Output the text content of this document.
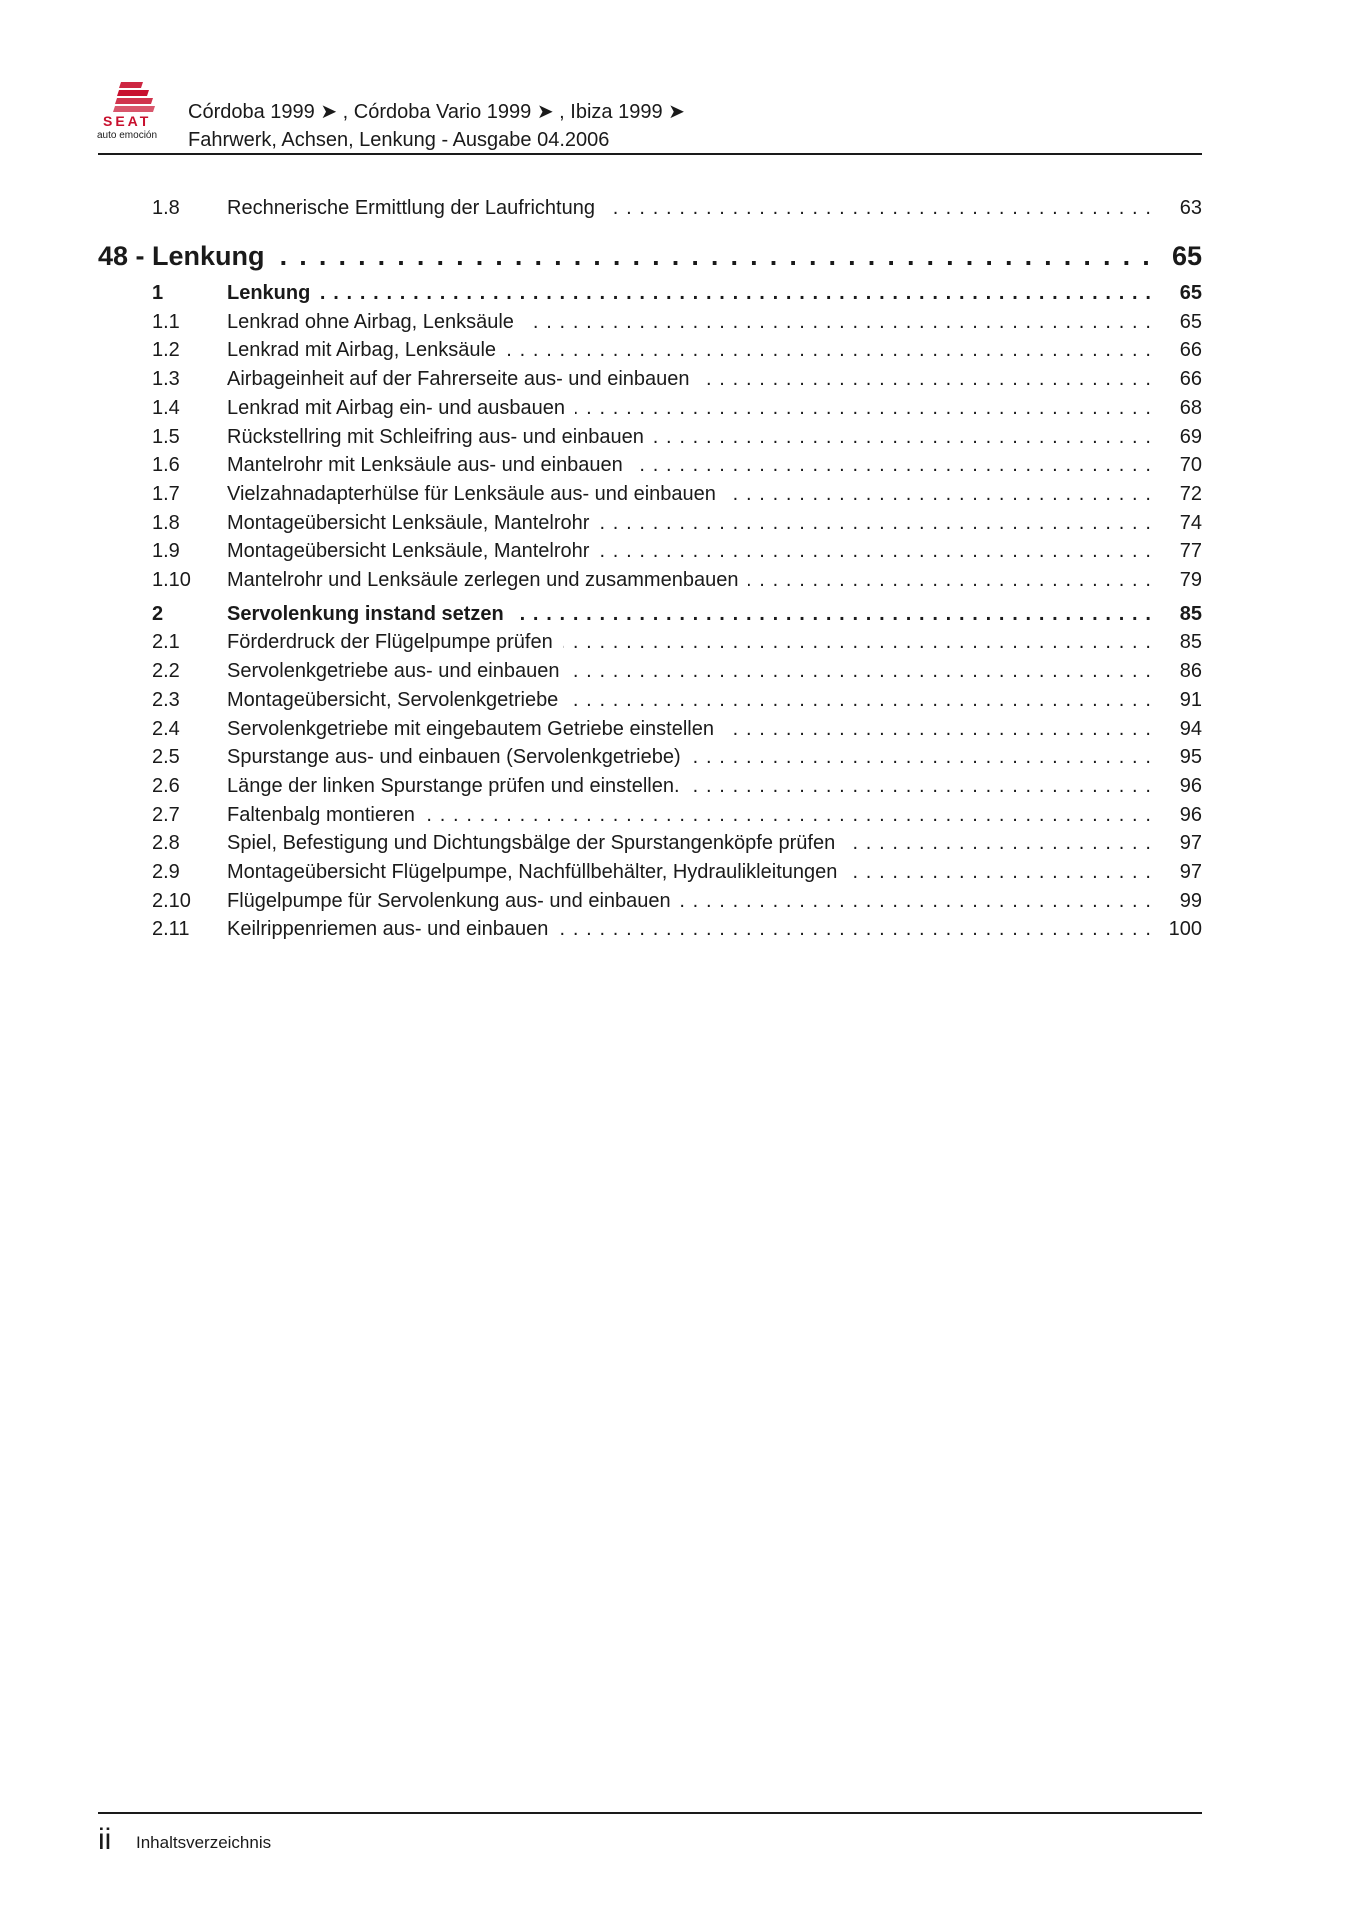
SEAT
auto emoción
Córdoba 1999 ➤ , Córdoba Vario 1999 ➤ , Ibiza 1999 ➤
Fahrwerk, Achsen, Lenkung - Ausgabe 04.2006
1.8 Rechnerische Ermittlung der Laufrichtung . . .	63
48 - Lenkung . . .	65
1	Lenkung . . .	65
1.1 Lenkrad ohne Airbag, Lenksäule . . .	65
1.2 Lenkrad mit Airbag, Lenksäule . . .	66
1.3 Airbageinheit auf der Fahrerseite aus- und einbauen . . .	66
1.4 Lenkrad mit Airbag ein- und ausbauen . . .	68
1.5 Rückstellring mit Schleifring aus- und einbauen . . .	69
1.6 Mantelrohr mit Lenksäule aus- und einbauen . . .	70
1.7 Vielzahnadapterhülse für Lenksäule aus- und einbauen . . .	72
1.8 Montageübersicht Lenksäule, Mantelrohr . . .	74
1.9 Montageübersicht Lenksäule, Mantelrohr . . .	77
1.10 Mantelrohr und Lenksäule zerlegen und zusammenbauen . . .	79
2	Servolenkung instand setzen . . .	85
2.1 Förderdruck der Flügelpumpe prüfen . . .	85
2.2 Servolenkgetriebe aus- und einbauen . . .	86
2.3 Montageübersicht, Servolenkgetriebe . . .	91
2.4 Servolenkgetriebe mit eingebautem Getriebe einstellen . . .	94
2.5 Spurstange aus- und einbauen (Servolenkgetriebe) . . .	95
2.6 Länge der linken Spurstange prüfen und einstellen. . . .	96
2.7 Faltenbalg montieren . . .	96
2.8 Spiel, Befestigung und Dichtungsbälge der Spurstangenköpfe prüfen . . .	97
2.9 Montageübersicht Flügelpumpe, Nachfüllbehälter, Hydraulikleitungen . . .	97
2.10 Flügelpumpe für Servolenkung aus- und einbauen . . .	99
2.11 Keilrippenriemen aus- und einbauen . . .	100
ii Inhaltsverzeichnis
